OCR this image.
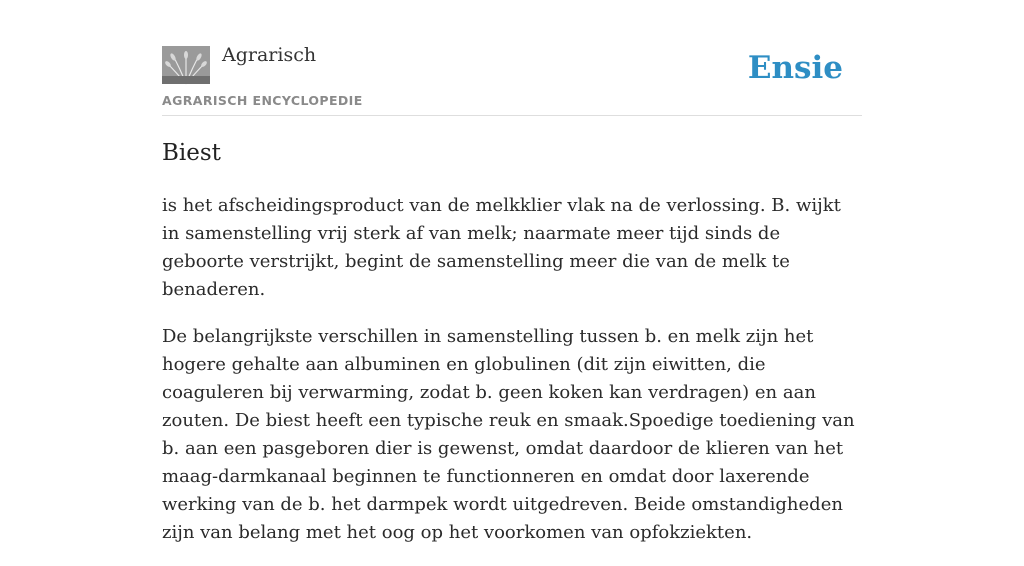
Agrarisch
AGRARISCH ENCYCLOPEDIE
Ensie
Biest

is het afscheidingsproduct van de melkklier vlak na de verlossing. B. wijkt in samenstelling vrij sterk af van melk; naarmate meer tijd sinds de geboorte verstrijkt, begint de samenstelling meer die van de melk te benaderen.

De belangrijkste verschillen in samenstelling tussen b. en melk zijn het hogere gehalte aan albuminen en globulinen (dit zijn eiwitten, die coaguleren bij verwarming, zodat b. geen koken kan verdragen) en aan zouten. De biest heeft een typische reuk en smaak.Spoedige toediening van b. aan een pasgeboren dier is gewenst, omdat daardoor de klieren van het maag-darmkanaal beginnen te functionneren en omdat door laxerende werking van de b. het darmpek wordt uitgedreven. Beide omstandigheden zijn van belang met het oog op het voorkomen van opfokziekten.
